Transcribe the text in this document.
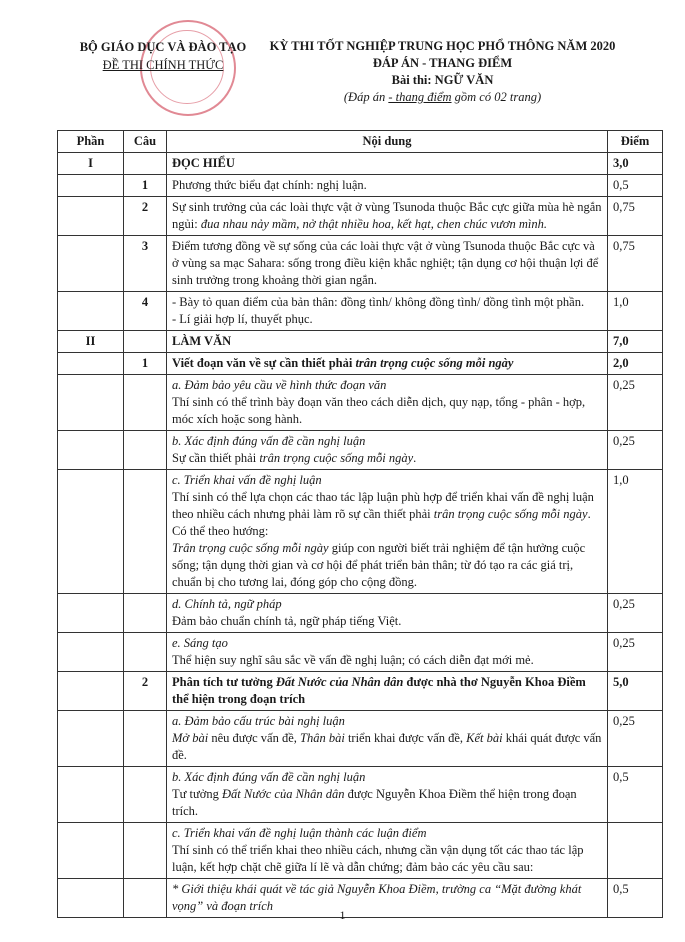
BỘ GIÁO DỤC VÀ ĐÀO TẠO
ĐỀ THI CHÍNH THỨC
KỲ THI TỐT NGHIỆP TRUNG HỌC PHỔ THÔNG NĂM 2020
ĐÁP ÁN - THANG ĐIỂM
Bài thi: NGỮ VĂN
(Đáp án - thang điểm gồm có 02 trang)
Phần	Câu	Nội dung	Điểm
I		ĐỌC HIỂU	3,0
	1	Phương thức biểu đạt chính: nghị luận.	0,5
	2	Sự sinh trưởng của các loài thực vật ở vùng Tsunoda thuộc Bắc cực giữa mùa hè ngắn ngủi: đua nhau nảy mầm, nở thật nhiều hoa, kết hạt, chen chúc vươn mình.	0,75
	3	Điểm tương đồng về sự sống của các loài thực vật ở vùng Tsunoda thuộc Bắc cực và ở vùng sa mạc Sahara: sống trong điều kiện khắc nghiệt; tận dụng cơ hội thuận lợi để sinh trưởng trong khoảng thời gian ngắn.	0,75
	4	- Bày tỏ quan điểm của bản thân: đồng tình/ không đồng tình/ đồng tình một phần.
- Lí giải hợp lí, thuyết phục.	1,0
II		LÀM VĂN	7,0
	1	Viết đoạn văn về sự cần thiết phải trân trọng cuộc sống mỗi ngày	2,0

		a. Đảm bảo yêu cầu về hình thức đoạn văn
Thí sinh có thể trình bày đoạn văn theo cách diễn dịch, quy nạp, tổng - phân - hợp, móc xích hoặc song hành.	0,25

		b. Xác định đúng vấn đề cần nghị luận
Sự cần thiết phải trân trọng cuộc sống mỗi ngày.	0,25

		c. Triển khai vấn đề nghị luận
Thí sinh có thể lựa chọn các thao tác lập luận phù hợp để triển khai vấn đề nghị luận theo nhiều cách nhưng phải làm rõ sự cần thiết phải trân trọng cuộc sống mỗi ngày.
Có thể theo hướng:
Trân trọng cuộc sống mỗi ngày giúp con người biết trải nghiệm để tận hưởng cuộc sống; tận dụng thời gian và cơ hội để phát triển bản thân; từ đó tạo ra các giá trị, chuẩn bị cho tương lai, đóng góp cho cộng đồng.	1,0

		d. Chính tả, ngữ pháp
Đảm bảo chuẩn chính tả, ngữ pháp tiếng Việt.	0,25

		e. Sáng tạo
Thể hiện suy nghĩ sâu sắc về vấn đề nghị luận; có cách diễn đạt mới mẻ.	0,25
	2	Phân tích tư tưởng Đất Nước của Nhân dân được nhà thơ Nguyễn Khoa Điềm thể hiện trong đoạn trích	5,0

		a. Đảm bảo cấu trúc bài nghị luận
Mở bài nêu được vấn đề, Thân bài triển khai được vấn đề, Kết bài khái quát được vấn đề.	0,25

		b. Xác định đúng vấn đề cần nghị luận
Tư tưởng Đất Nước của Nhân dân được Nguyễn Khoa Điềm thể hiện trong đoạn trích.	0,5

		c. Triển khai vấn đề nghị luận thành các luận điểm
Thí sinh có thể triển khai theo nhiều cách, nhưng cần vận dụng tốt các thao tác lập luận, kết hợp chặt chẽ giữa lí lẽ và dẫn chứng; đảm bảo các yêu cầu sau:	

		* Giới thiệu khái quát về tác giả Nguyễn Khoa Điềm, trường ca “Mặt đường khát vọng” và đoạn trích	0,5
1
